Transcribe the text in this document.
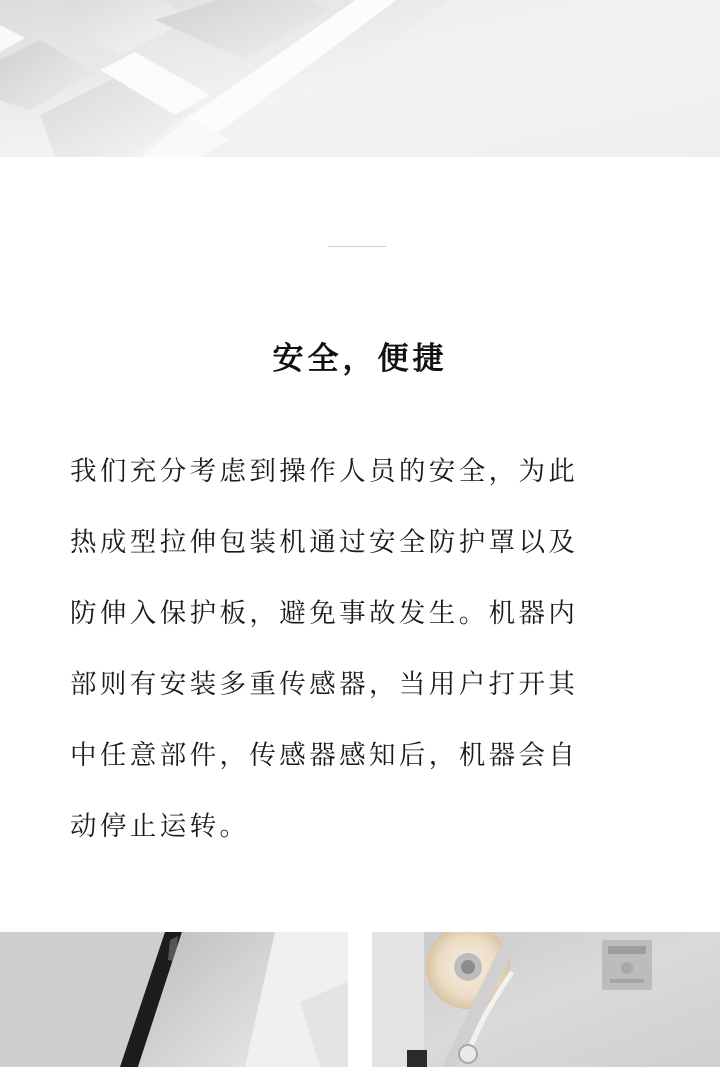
安全，便捷
我们充分考虑到操作人员的安全，为此
热成型拉伸包装机通过安全防护罩以及
防伸入保护板，避免事故发生。机器内
部则有安装多重传感器，当用户打开其
中任意部件，传感器感知后，机器会自
动停止运转。
